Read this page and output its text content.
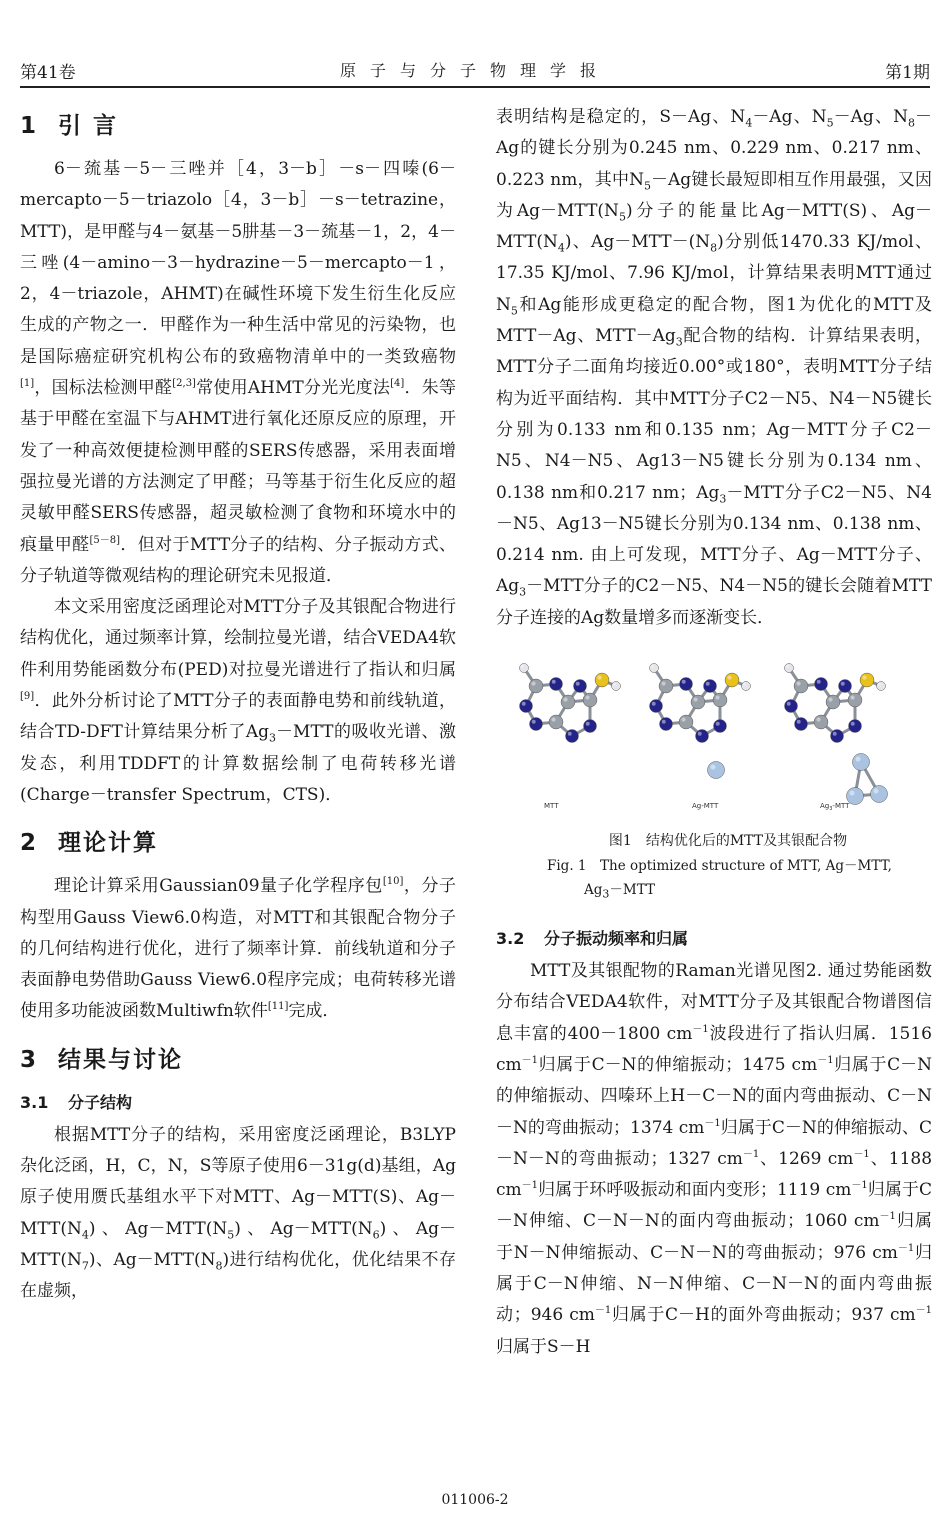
第41卷	原子与分子物理学报	第1期
1 引 言

6－巯基－5－三唑并［4，3－b］－s－四嗪(6－mercapto－5－triazolo［4，3－b］－s－tetrazine，MTT)，是甲醛与4－氨基－5肼基－3－巯基－1，2，4－三唑(4－amino－3－hydrazine－5－mercapto－1，2，4－triazole，AHMT)在碱性环境下发生衍生化反应生成的产物之一．甲醛作为一种生活中常见的污染物，也是国际癌症研究机构公布的致癌物清单中的一类致癌物[1]，国标法检测甲醛[2,3]常使用AHMT分光光度法[4]．朱等基于甲醛在室温下与AHMT进行氧化还原反应的原理，开发了一种高效便捷检测甲醛的SERS传感器，采用表面增强拉曼光谱的方法测定了甲醛；马等基于衍生化反应的超灵敏甲醛SERS传感器，超灵敏检测了食物和环境水中的痕量甲醛[5－8]．但对于MTT分子的结构、分子振动方式、分子轨道等微观结构的理论研究未见报道．

本文采用密度泛函理论对MTT分子及其银配合物进行结构优化，通过频率计算，绘制拉曼光谱，结合VEDA4软件利用势能函数分布(PED)对拉曼光谱进行了指认和归属[9]．此外分析讨论了MTT分子的表面静电势和前线轨道，结合TD-DFT计算结果分析了$Ag_3-MTT$的吸收光谱、激发态，利用TDDFT的计算数据绘制了电荷转移光谱(Charge－transfer Spectrum，CTS)．

2 理论计算

理论计算采用Gaussian09量子化学程序包[10]，分子构型用Gauss View6.0构造，对MTT和其银配合物分子的几何结构进行优化，进行了频率计算．前线轨道和分子表面静电势借助Gauss View6.0程序完成；电荷转移光谱使用多功能波函数Multiwfn软件[11]完成．

3 结果与讨论
3.1 分子结构

根据MTT分子的结构，采用密度泛函理论，B3LYP杂化泛函，H，C，N，S等原子使用6－31g(d)基组，Ag原子使用赝氏基组水平下对MTT、Ag－MTT(S)、$Ag-MTT(N_4)$、$Ag-MTT(N_5)$、$Ag-MTT(N_6)$、$Ag-MTT(N_7)$、$Ag-MTT(N_8)$进行结构优化，优化结果不存在虚频，

表明结构是稳定的，S－Ag、$N_4-Ag$、$N_5-Ag$、$N_8-Ag$的键长分别为0.245 nm、0.229 nm、0.217 nm、0.223 nm，其中$N_5-Ag$键长最短即相互作用最强，又因为$Ag-MTT(N_5)$分子的能量比Ag－MTT(S)、$Ag-MTT(N_4)$、$Ag-MTT-(N_8)$分别低1470.33 KJ/mol、17.35 KJ/mol、7.96 KJ/mol，计算结果表明MTT通过$N_5$和Ag能形成更稳定的配合物，图1为优化的MTT及MTT－Ag、$MTT-Ag_3$配合物的结构．计算结果表明，MTT分子二面角均接近0.00°或180°，表明MTT分子结构为近平面结构．其中MTT分子C2－N5、N4－N5键长分别为0.133 nm和0.135 nm；Ag－MTT分子C2－N5、N4－N5、Ag13－N5键长分别为0.134 nm、0.138 nm和0.217 nm；$Ag_3-MTT$分子C2－N5、N4－N5、Ag13－N5键长分别为0.134 nm、0.138 nm、0.214 nm. 由上可发现，MTT分子、Ag－MTT分子、$Ag_3-MTT$分子的C2－N5、N4－N5的键长会随着MTT分子连接的Ag数量增多而逐渐变长．

MTT	Ag-MTT	$Ag_3$-MTT

图1　结构优化后的MTT及其银配合物

Fig. 1　The optimized structure of MTT, Ag－MTT,
$Ag_3-MTT$

3.2 分子振动频率和归属

MTT及其银配物的Raman光谱见图2. 通过势能函数分布结合VEDA4软件，对MTT分子及其银配合物谱图信息丰富的400－1800 $cm^{-1}$波段进行了指认归属．1516 $cm^{-1}$归属于C－N的伸缩振动；1475 $cm^{-1}$归属于C－N的伸缩振动、四嗪环上H－C－N的面内弯曲振动、C－N－N的弯曲振动；1374 $cm^{-1}$归属于C－N的伸缩振动、C－N－N的弯曲振动；1327 $cm^{-1}$、1269 $cm^{-1}$、1188 $cm^{-1}$归属于环呼吸振动和面内变形；1119 $cm^{-1}$归属于C－N伸缩、C－N－N的面内弯曲振动；1060 $cm^{-1}$归属于N－N伸缩振动、C－N－N的弯曲振动；976 $cm^{-1}$归属于C－N伸缩、N－N伸缩、C－N－N的面内弯曲振动；946 $cm^{-1}$归属于C－H的面外弯曲振动；937 $cm^{-1}$归属于S－H

011006-2
